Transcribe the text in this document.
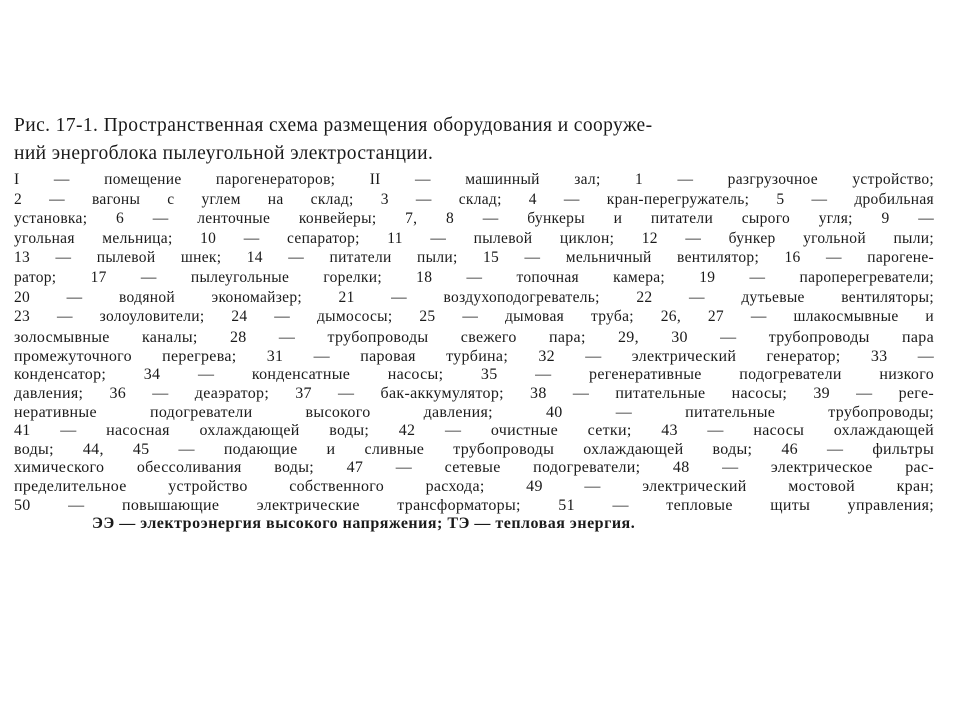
Рис. 17-1. Пространственная схема размещения оборудования и сооруже-
ний энергоблока пылеугольной электростанции.
I — помещение парогенераторов; II — машинный зал; 1 — разгрузочное устройство;
2 — вагоны с углем на склад; 3 — склад; 4 — кран-перегружатель; 5 — дробильная
установка; 6 — ленточные конвейеры; 7, 8 — бункеры и питатели сырого угля; 9 —
угольная мельница; 10 — сепаратор; 11 — пылевой циклон; 12 — бункер угольной пыли;
13 — пылевой шнек; 14 — питатели пыли; 15 — мельничный вентилятор; 16 — парогене-
ратор; 17 — пылеугольные горелки; 18 — топочная камера; 19 — пароперегреватели;
20 — водяной экономайзер; 21 — воздухоподогреватель; 22 — дутьевые вентиляторы;
23 — золоуловители; 24 — дымососы; 25 — дымовая труба; 26, 27 — шлакосмывные и
золосмывные каналы; 28 — трубопроводы свежего пара; 29, 30 — трубопроводы пара
промежуточного перегрева; 31 — паровая турбина; 32 — электрический генератор; 33 —
конденсатор; 34 — конденсатные насосы; 35 — регенеративные подогреватели низкого
давления; 36 — деаэратор; 37 — бак-аккумулятор; 38 — питательные насосы; 39 — реге-
неративные подогреватели высокого давления; 40 — питательные трубопроводы;
41 — насосная охлаждающей воды; 42 — очистные сетки; 43 — насосы охлаждающей
воды; 44, 45 — подающие и сливные трубопроводы охлаждающей воды; 46 — фильтры
химического обессоливания воды; 47 — сетевые подогреватели; 48 — электрическое рас-
пределительное устройство собственного расхода; 49 — электрический мостовой кран;
50 — повышающие электрические трансформаторы; 51 — тепловые щиты управления;
ЭЭ — электроэнергия высокого напряжения; ТЭ — тепловая энергия.
